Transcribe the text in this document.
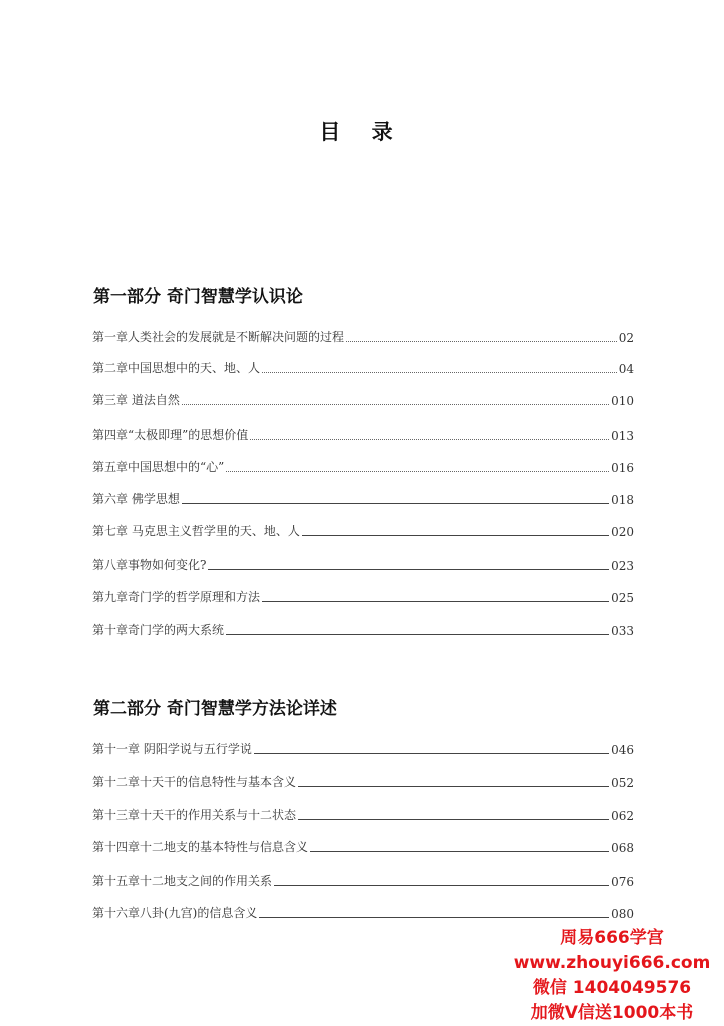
目 录
第一部分 奇门智慧学认识论
第一章人类社会的发展就是不断解决问题的过程	02
第二章中国思想中的天、地、人	04
第三章 道法自然	010
第四章“太极即理”的思想价值	013
第五章中国思想中的“心”	016
第六章 佛学思想	018
第七章 马克思主义哲学里的天、地、人	020
第八章事物如何变化?	023
第九章奇门学的哲学原理和方法	025
第十章奇门学的两大系统	033
第二部分 奇门智慧学方法论详述
第十一章 阴阳学说与五行学说	046
第十二章十天干的信息特性与基本含义	052
第十三章十天干的作用关系与十二状态	062
第十四章十二地支的基本特性与信息含义	068
第十五章十二地支之间的作用关系	076
第十六章八卦(九宫)的信息含义	080
周易666学宫
www.zhouyi666.com
微信 1404049576
加微V信送1000本书
